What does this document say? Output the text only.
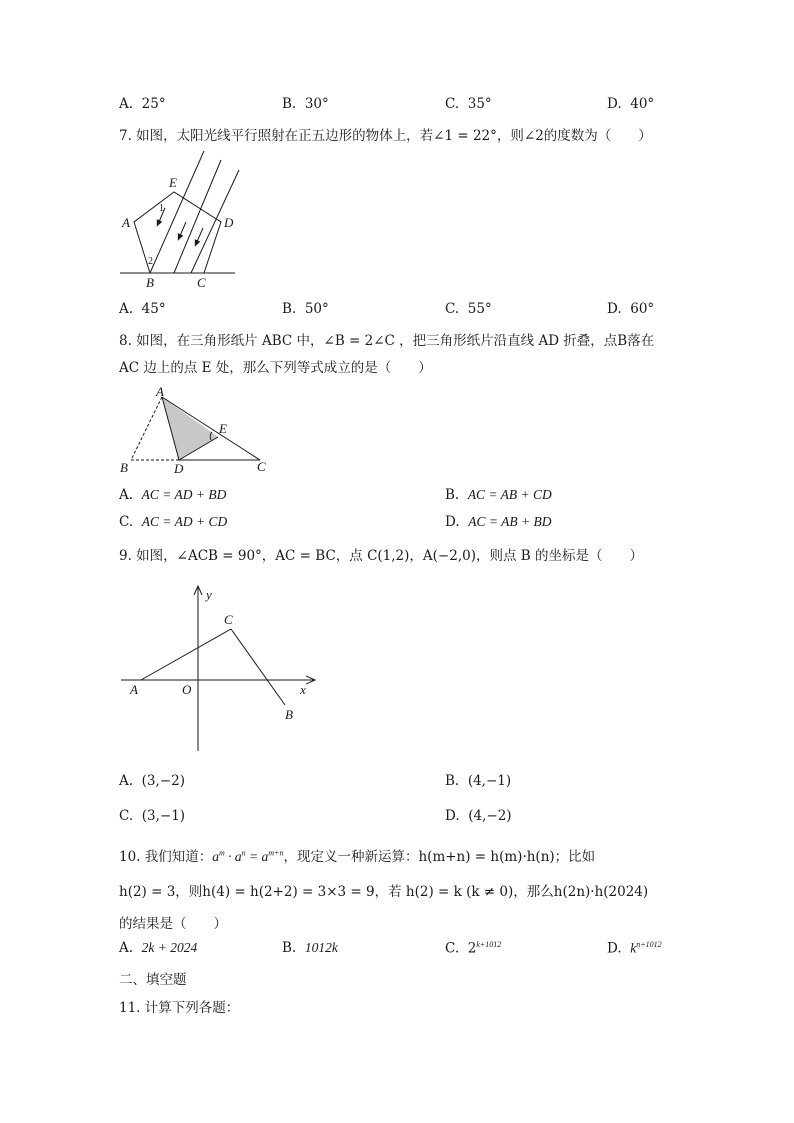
A. 25°	B. 30°	C. 35°	D. 40°
7. 如图，太阳光线平行照射在正五边形的物体上，若∠1 = 22°，则∠2的度数为（　　）
E
A	D
B	C
1
2
A. 45°	B. 50°	C. 55°	D. 60°
8. 如图，在三角形纸片 ABC 中，∠B = 2∠C ，把三角形纸片沿直线 AD 折叠，点B落在
AC 边上的点 E 处，那么下列等式成立的是（　　）
A
B	D	C
E
A. AC = AD + BD	B. AC = AB + CD
C. AC = AD + CD	D. AC = AB + BD
9. 如图，∠ACB = 90°，AC = BC，点 C(1,2)，A(−2,0)，则点 B 的坐标是（　　）
y
x
O
A
C
B
A. (3,−2)	B. (4,−1)
C. (3,−1)	D. (4,−2)
10. 我们知道：$a^m \cdot a^n = a^{m+n}$，现定义一种新运算：h(m+n) = h(m)·h(n)；比如
h(2) = 3，则h(4) = h(2+2) = 3×3 = 9，若 h(2) = k (k ≠ 0)，那么h(2n)·h(2024)
的结果是（　　）
A. 2k + 2024	B. 1012k	C. $2^{k+1012}$	D. $k^{n+1012}$
二、填空题
11. 计算下列各题：
